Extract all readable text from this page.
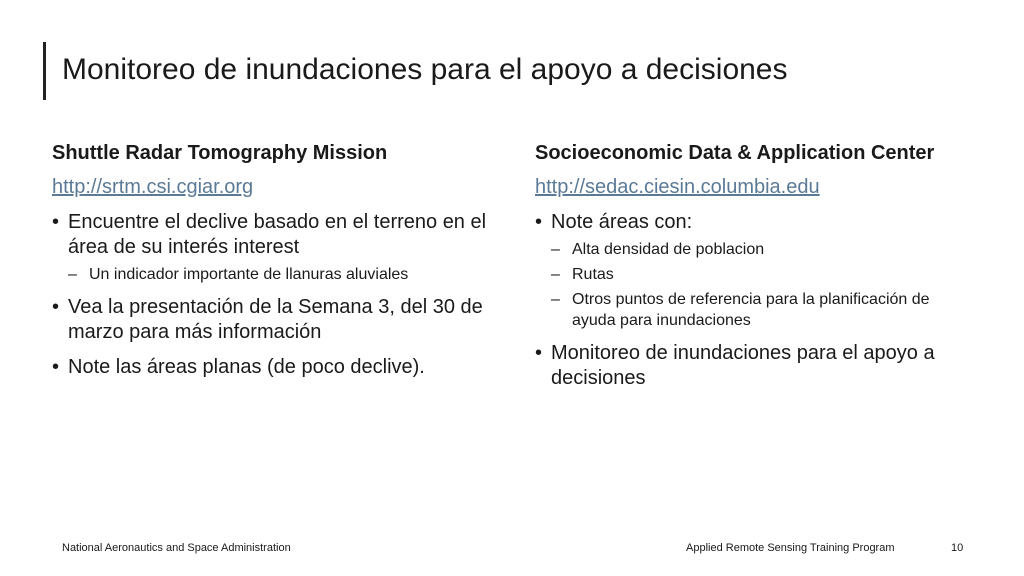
Monitoreo de inundaciones para el apoyo a decisiones
Shuttle Radar Tomography Mission
http://srtm.csi.cgiar.org
• Encuentre el declive basado en el terreno en el área de su interés interest
– Un indicador importante de llanuras aluviales
• Vea la presentación de la Semana 3, del 30 de marzo para más información
• Note las áreas planas (de poco declive).
Socioeconomic Data & Application Center
http://sedac.ciesin.columbia.edu
• Note áreas con:
– Alta densidad de poblacion
– Rutas
– Otros puntos de referencia para la planificación de ayuda para inundaciones
• Monitoreo de inundaciones para el apoyo a decisiones
National Aeronautics and Space Administration	Applied Remote Sensing Training Program	10
